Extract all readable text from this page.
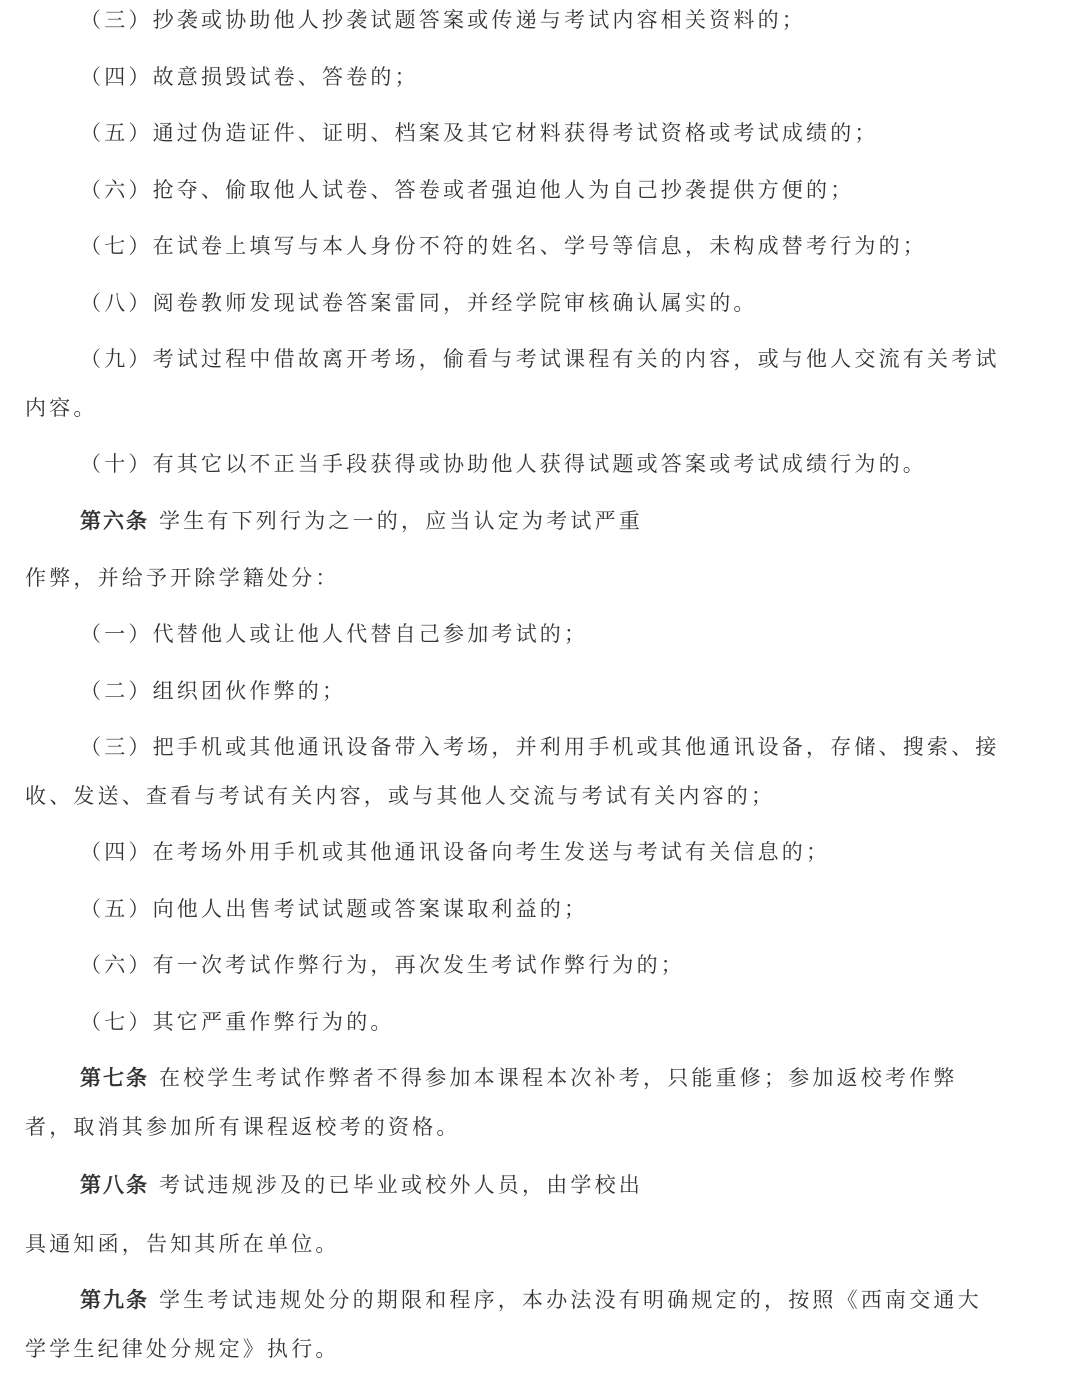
（三）抄袭或协助他人抄袭试题答案或传递与考试内容相关资料的；

（四）故意损毁试卷、答卷的；

（五）通过伪造证件、证明、档案及其它材料获得考试资格或考试成绩的；

（六）抢夺、偷取他人试卷、答卷或者强迫他人为自己抄袭提供方便的；

（七）在试卷上填写与本人身份不符的姓名、学号等信息，未构成替考行为的；

（八）阅卷教师发现试卷答案雷同，并经学院审核确认属实的。

（九）考试过程中借故离开考场，偷看与考试课程有关的内容，或与他人交流有关考试

内容。

（十）有其它以不正当手段获得或协助他人获得试题或答案或考试成绩行为的。

第六条 学生有下列行为之一的，应当认定为考试严重

作弊，并给予开除学籍处分：

（一）代替他人或让他人代替自己参加考试的；

（二）组织团伙作弊的；

（三）把手机或其他通讯设备带入考场，并利用手机或其他通讯设备，存储、搜索、接

收、发送、查看与考试有关内容，或与其他人交流与考试有关内容的；

（四）在考场外用手机或其他通讯设备向考生发送与考试有关信息的；

（五）向他人出售考试试题或答案谋取利益的；

（六）有一次考试作弊行为，再次发生考试作弊行为的；

（七）其它严重作弊行为的。

第七条 在校学生考试作弊者不得参加本课程本次补考，只能重修；参加返校考作弊

者，取消其参加所有课程返校考的资格。

第八条 考试违规涉及的已毕业或校外人员，由学校出

具通知函，告知其所在单位。

第九条 学生考试违规处分的期限和程序，本办法没有明确规定的，按照《西南交通大

学学生纪律处分规定》执行。
